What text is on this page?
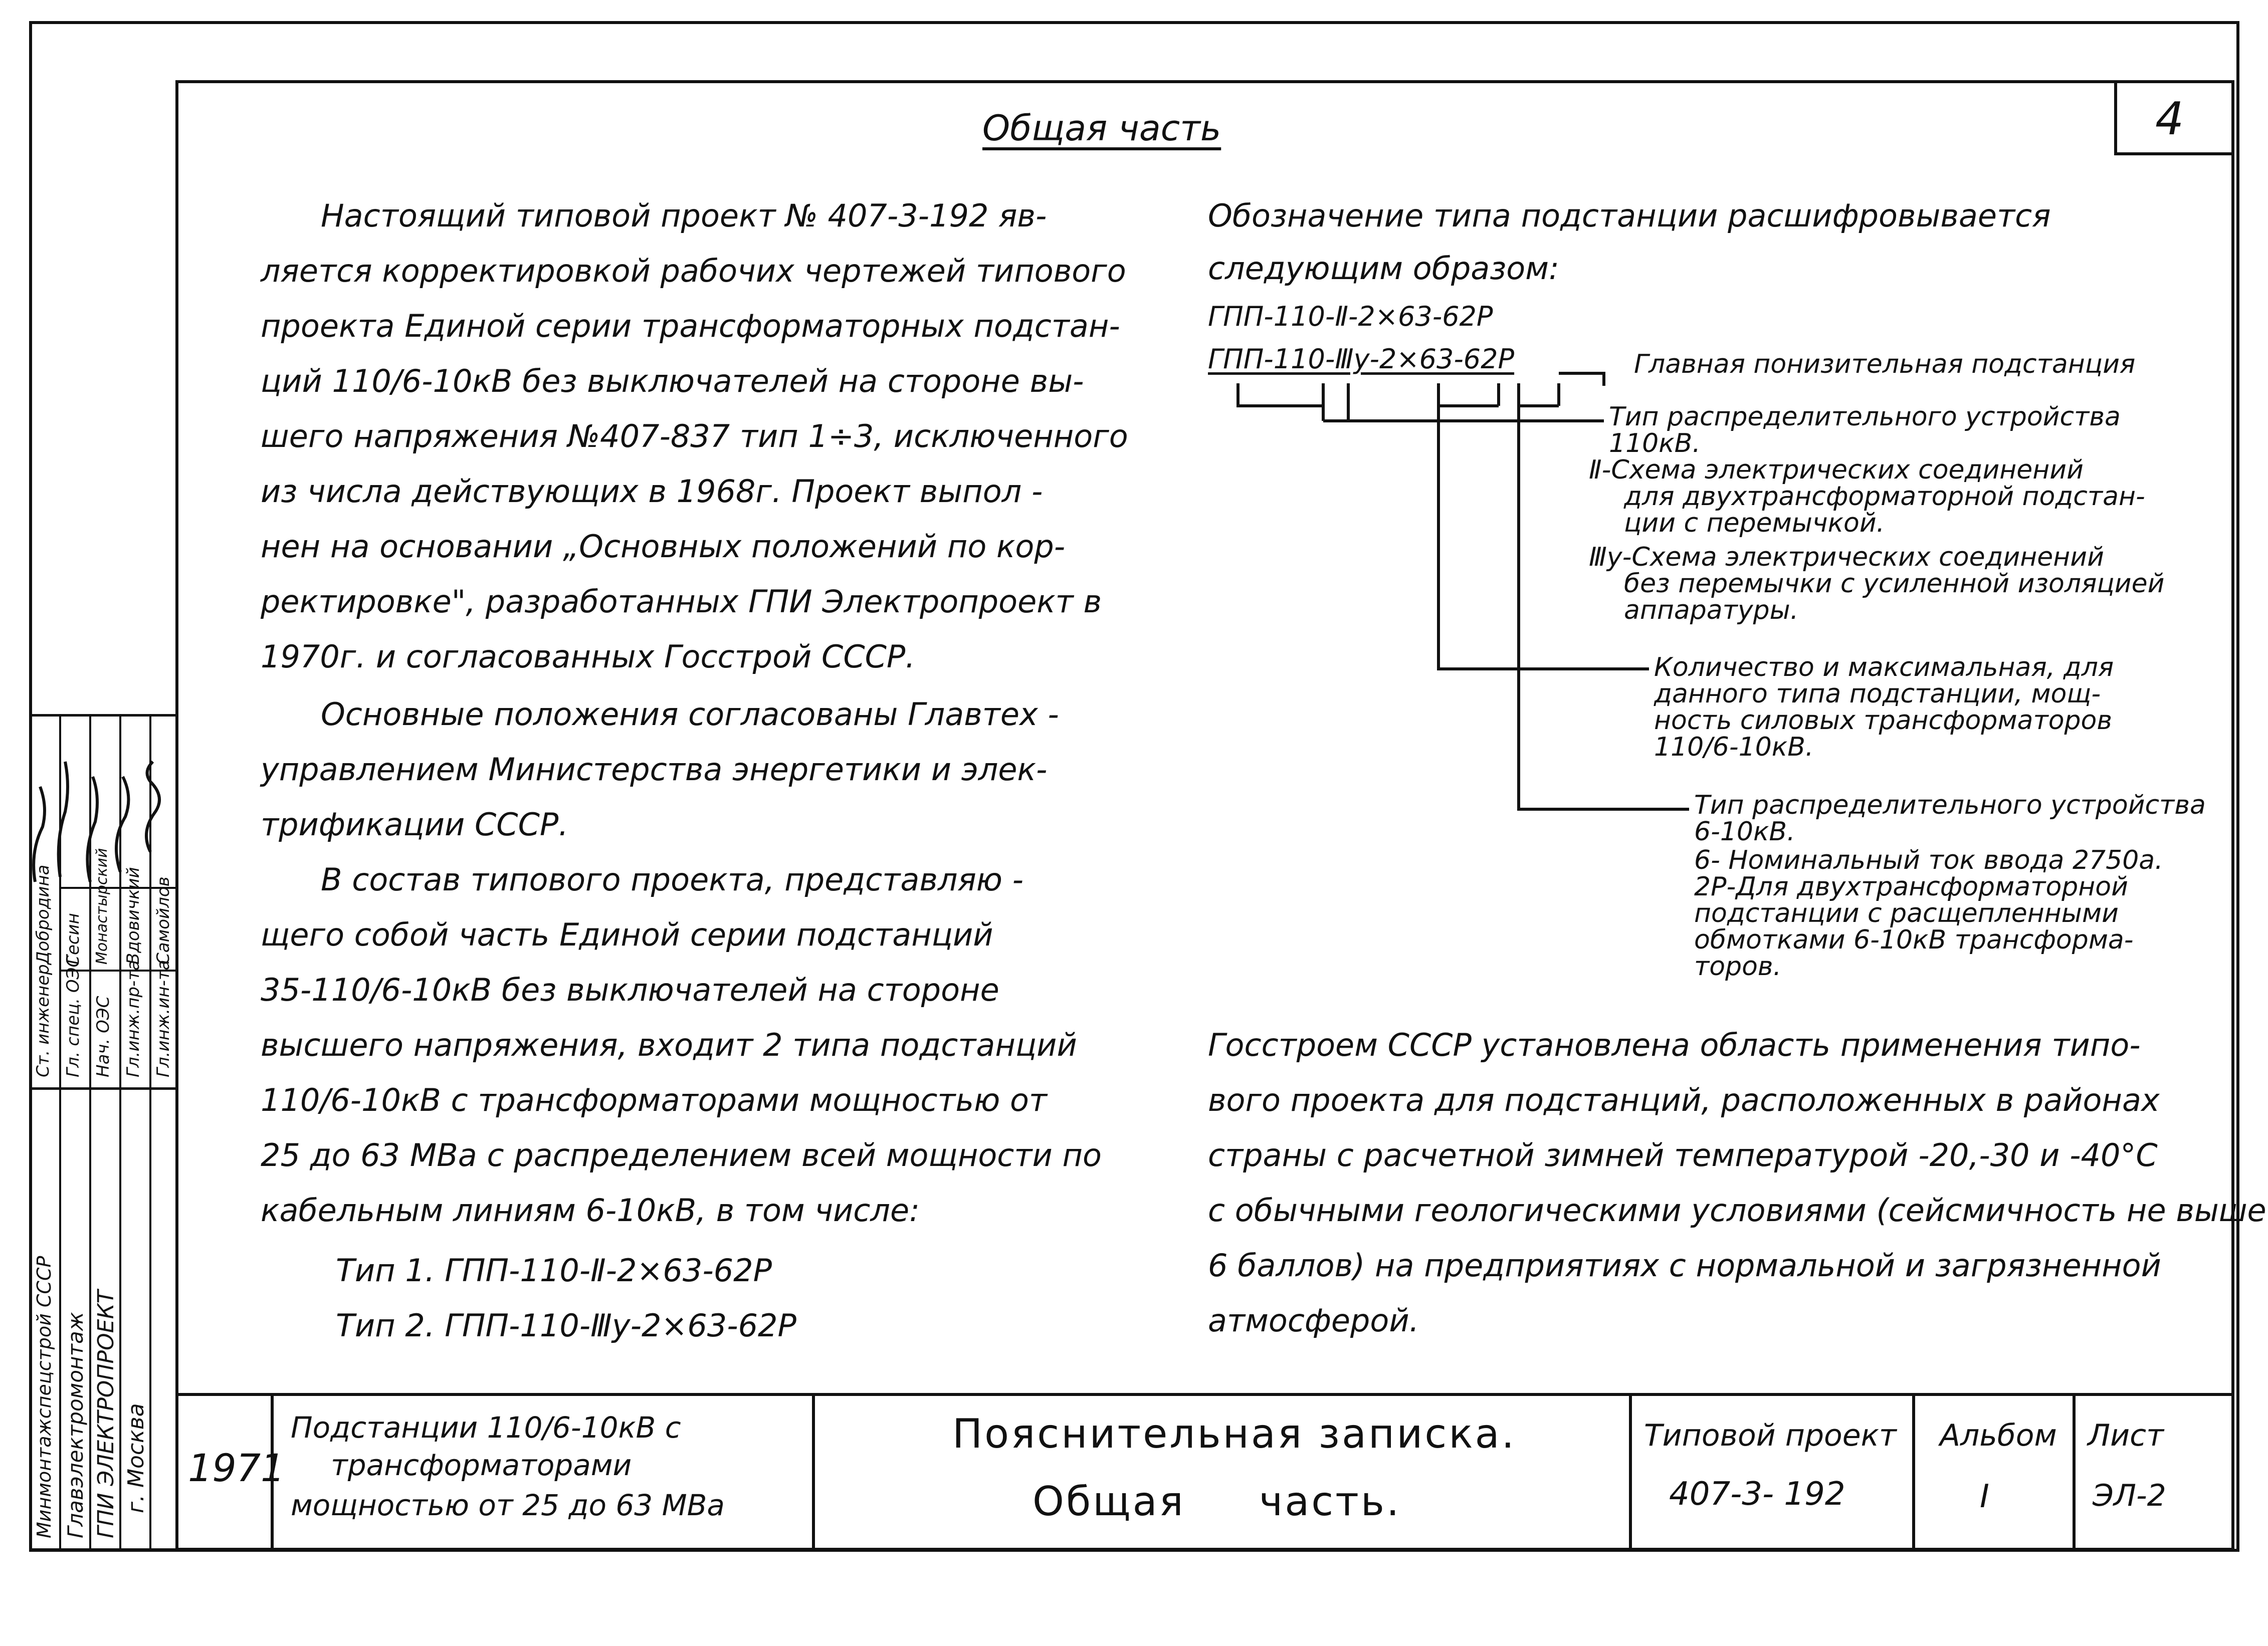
4
Общая часть
Настоящий типовой проект № 407-3-192 яв-
ляется корректировкой рабочих чертежей типового
проекта Единой серии трансформаторных подстан-
ций 110/6-10кВ без выключателей на стороне вы-
шего напряжения №407-837 тип 1÷3, исключенного
из числа действующих в 1968г. Проект выпол -
нен на основании „Основных положений по кор-
ректировке", разработанных ГПИ Электропроект в
1970г. и согласованных Госстрой СССР.
Основные положения согласованы Главтех -
управлением Министерства энергетики и элек-
трификации СССР.
В состав типового проекта, представляю -
щего собой часть Единой серии подстанций
35-110/6-10кВ без выключателей на стороне
высшего напряжения, входит 2 типа подстанций
110/6-10кВ с трансформаторами мощностью от
25 до 63 МВа с распределением всей мощности по
кабельным линиям 6-10кВ, в том числе:
Тип 1. ГПП-110-Ⅱ-2×63-62Р
Тип 2. ГПП-110-Ⅲу-2×63-62Р
Обозначение типа подстанции расшифровывается
следующим образом:
ГПП-110-Ⅱ-2×63-62Р
ГПП-110-Ⅲу-2×63-62Р	Главная понизительная подстанция
Тип распределительного устройства
110кВ.
Ⅱ-Схема электрических соединений
для двухтрансформаторной подстан-
ции с перемычкой.
Ⅲу-Схема электрических соединений
без перемычки с усиленной изоляцией
аппаратуры.
Количество и максимальная, для
данного типа подстанции, мощ-
ность силовых трансформаторов
110/6-10кВ.
Тип распределительного устройства
6-10кВ.
6- Номинальный ток ввода 2750а.
2Р-Для двухтрансформаторной
подстанции с расщепленными
обмотками 6-10кВ трансформа-
торов.
Госстроем СССР установлена область применения типо-
вого проекта для подстанций, расположенных в районах
страны с расчетной зимней температурой -20,-30 и -40°С
с обычными геологическими условиями (сейсмичность не выше
6 баллов) на предприятиях с нормальной и загрязненной
атмосферой.
1971
Подстанции 110/6-10кВ с
трансформаторами
мощностью от 25 до 63 МВа
Пояснительная записка.
Общая     часть.
Типовой проект
407-3- 192
Альбом
I
Лист
ЭЛ-2
Минмонтажспецстрой СССР Главэлектромонтаж ГПИ ЭЛЕКТРОПРОЕКТ г. Москва
Гл.инж.ин-та
Гл.инж.пр-та
Нач. ОЭС
Гл. спец. ОЭС
Ст. инженер
Самойлов
Вдовичкий
Монастырский
Гесин
Добродина
